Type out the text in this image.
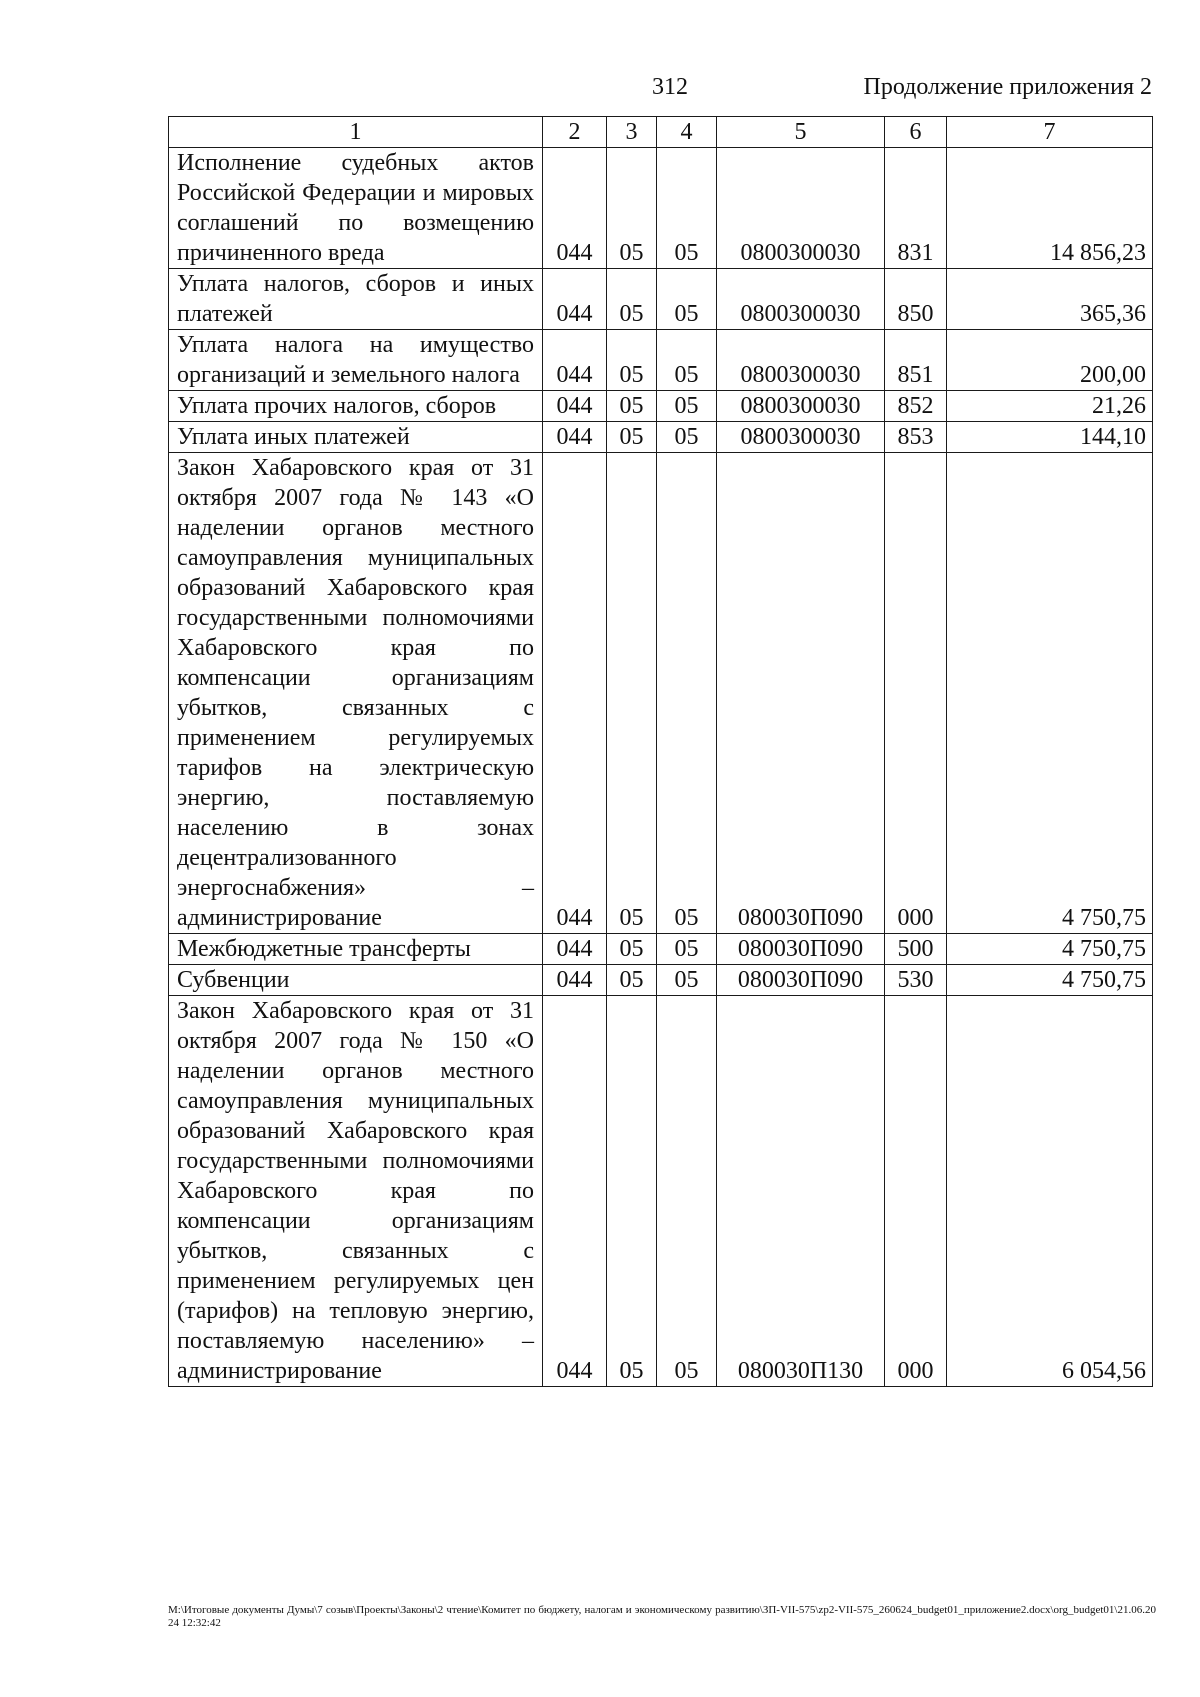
312	Продолжение приложения 2
1	2	3	4	5	6	7
Исполнение судебных актов Российской Федерации и мировых соглашений по возмещению причиненного вреда	044	05	05	0800300030	831	14 856,23
Уплата налогов, сборов и иных платежей	044	05	05	0800300030	850	365,36
Уплата налога на имущество организаций и земельного налога	044	05	05	0800300030	851	200,00
Уплата прочих налогов, сборов	044	05	05	0800300030	852	21,26
Уплата иных платежей	044	05	05	0800300030	853	144,10
Закон Хабаровского края от 31 октября 2007 года № 143 «О наделении органов местного самоуправления муниципальных образований Хабаровского края государственными полномочиями Хабаровского края по компенсации организациям убытков, связанных с применением регулируемых тарифов на электрическую энергию, поставляемую населению в зонах децентрализованного энергоснабжения» – администрирование	044	05	05	080030П090	000	4 750,75
Межбюджетные трансферты	044	05	05	080030П090	500	4 750,75
Субвенции	044	05	05	080030П090	530	4 750,75
Закон Хабаровского края от 31 октября 2007 года № 150 «О наделении органов местного самоуправления муниципальных образований Хабаровского края государственными полномочиями Хабаровского края по компенсации организациям убытков, связанных с применением регулируемых цен (тарифов) на тепловую энергию, поставляемую населению» – администрирование	044	05	05	080030П130	000	6 054,56
M:\Итоговые документы Думы\7 созыв\Проекты\Законы\2 чтение\Комитет по бюджету, налогам и экономическому развитию\ЗП-VII-575\zp2-VII-575_260624_budget01_приложение2.docx\org_budget01\21.06.2024 12:32:42
